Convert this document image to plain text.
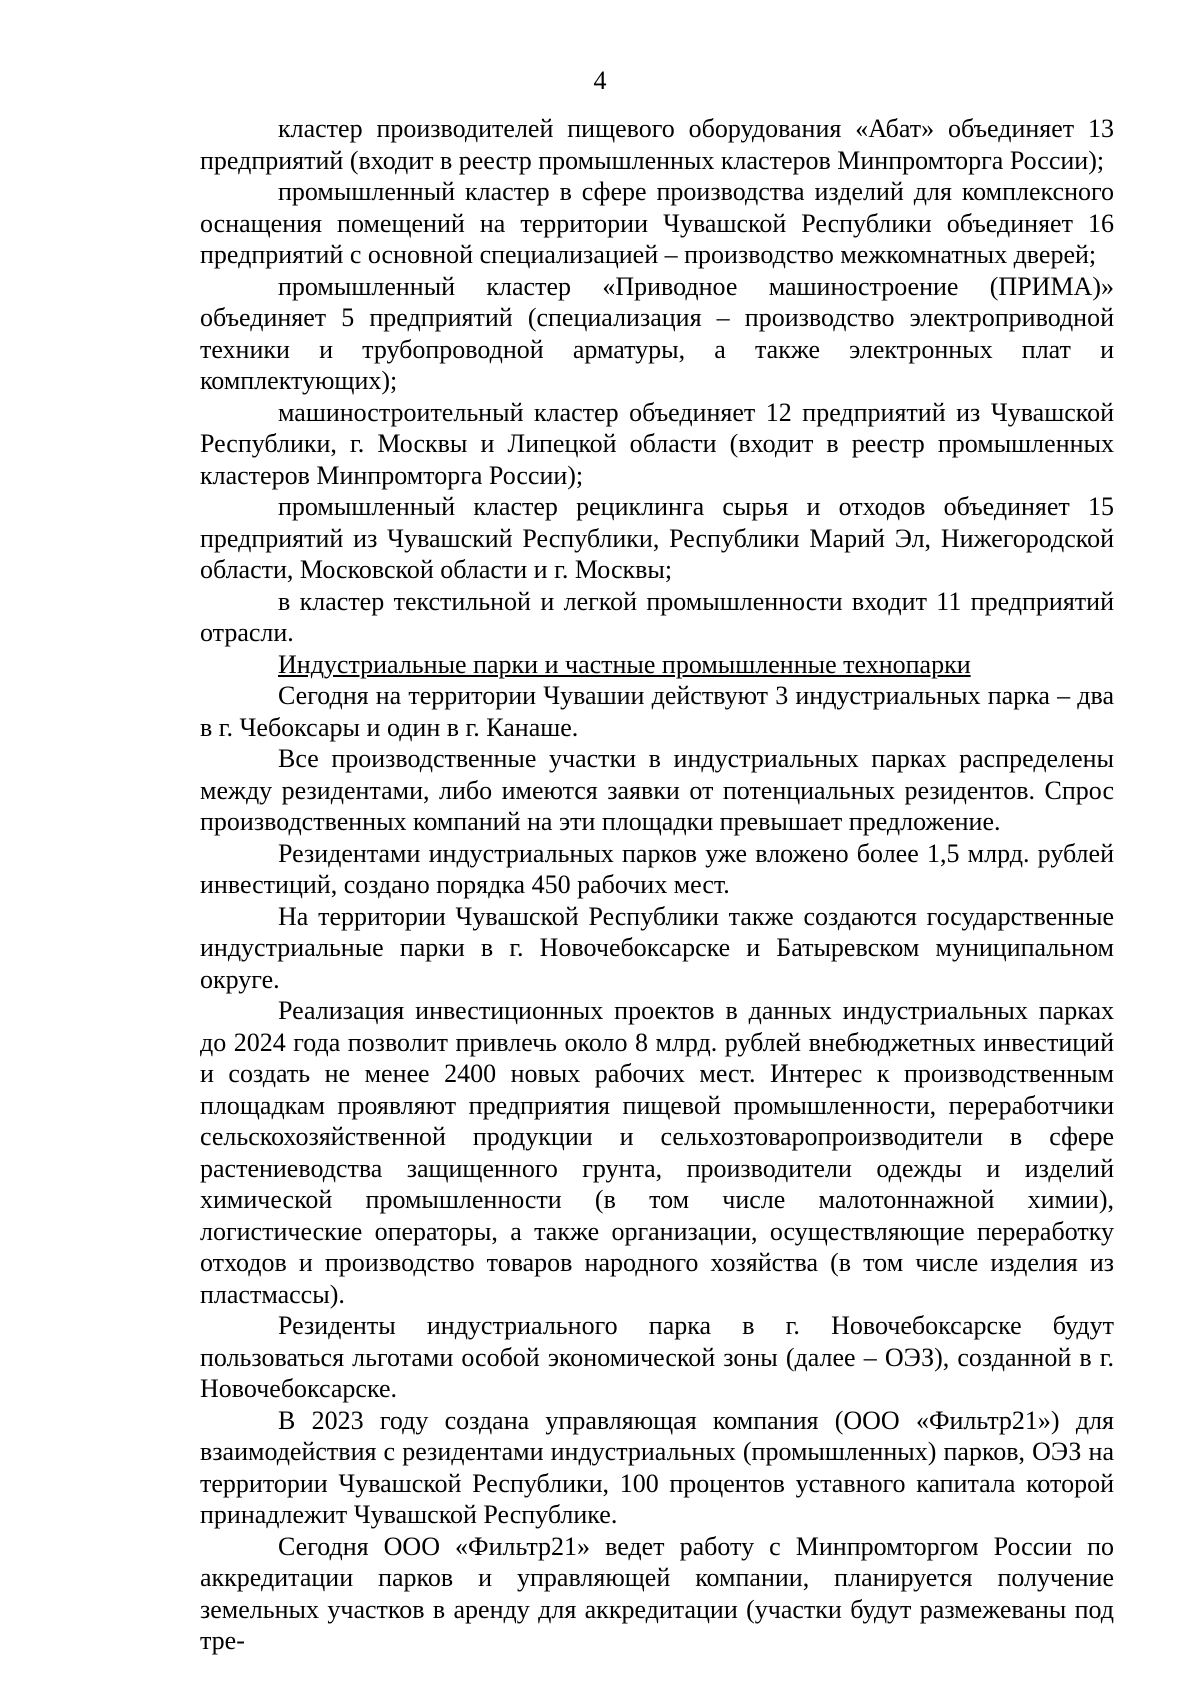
4

кластер производителей пищевого оборудования «Абат» объединяет 13 предприятий (входит в реестр промышленных кластеров Минпромторга России);

промышленный кластер в сфере производства изделий для комплексного оснащения помещений на территории Чувашской Республики объединяет 16 предприятий с основной специализацией – производство межкомнатных дверей;

промышленный кластер «Приводное машиностроение (ПРИМА)» объединяет 5 предприятий (специализация – производство электроприводной техники и трубопроводной арматуры, а также электронных плат и комплектующих);

машиностроительный кластер объединяет 12 предприятий из Чувашской Республики, г. Москвы и Липецкой области (входит в реестр промышленных кластеров Минпромторга России);

промышленный кластер рециклинга сырья и отходов объединяет 15 предприятий из Чувашский Республики, Республики Марий Эл, Нижегородской области, Московской области и г. Москвы;

в кластер текстильной и легкой промышленности входит 11 предприятий отрасли.

Индустриальные парки и частные промышленные технопарки

Сегодня на территории Чувашии действуют 3 индустриальных парка – два в г. Чебоксары и один в г. Канаше.

Все производственные участки в индустриальных парках распределены между резидентами, либо имеются заявки от потенциальных резидентов. Спрос производственных компаний на эти площадки превышает предложение.

Резидентами индустриальных парков уже вложено более 1,5 млрд. рублей инвестиций, создано порядка 450 рабочих мест.

На территории Чувашской Республики также создаются государственные индустриальные парки в г. Новочебоксарске и Батыревском муниципальном округе.

Реализация инвестиционных проектов в данных индустриальных парках до 2024 года позволит привлечь около 8 млрд. рублей внебюджетных инвестиций и создать не менее 2400 новых рабочих мест. Интерес к производственным площадкам проявляют предприятия пищевой промышленности, переработчики сельскохозяйственной продукции и сельхозтоваропроизводители в сфере растениеводства защищенного грунта, производители одежды и изделий химической промышленности (в том числе малотоннажной химии), логистические операторы, а также организации, осуществляющие переработку отходов и производство товаров народного хозяйства (в том числе изделия из пластмассы).

Резиденты индустриального парка в г. Новочебоксарске будут пользоваться льготами особой экономической зоны (далее – ОЭЗ), созданной в г. Новочебоксарске.

В 2023 году создана управляющая компания (ООО «Фильтр21») для взаимодействия с резидентами индустриальных (промышленных) парков, ОЭЗ на территории Чувашской Республики, 100 процентов уставного капитала которой принадлежит Чувашской Республике.

Сегодня ООО «Фильтр21» ведет работу с Минпромторгом России по аккредитации парков и управляющей компании, планируется получение земельных участков в аренду для аккредитации (участки будут размежеваны под тре-
